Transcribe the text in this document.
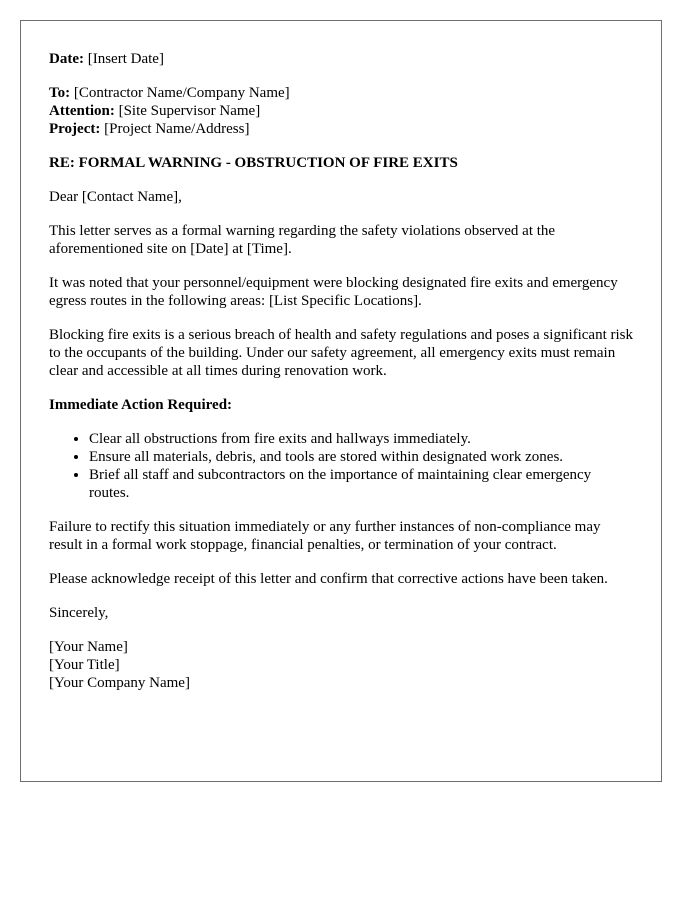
Date: [Insert Date]

To: [Contractor Name/Company Name]

Attention: [Site Supervisor Name]

Project: [Project Name/Address]

RE: FORMAL WARNING - OBSTRUCTION OF FIRE EXITS

Dear [Contact Name],

This letter serves as a formal warning regarding the safety violations observed at the aforementioned site on [Date] at [Time].

It was noted that your personnel/equipment were blocking designated fire exits and emergency egress routes in the following areas: [List Specific Locations].

Blocking fire exits is a serious breach of health and safety regulations and poses a significant risk to the occupants of the building. Under our safety agreement, all emergency exits must remain clear and accessible at all times during renovation work.

Immediate Action Required:

• Clear all obstructions from fire exits and hallways immediately.
• Ensure all materials, debris, and tools are stored within designated work zones.
• Brief all staff and subcontractors on the importance of maintaining clear emergency routes.

Failure to rectify this situation immediately or any further instances of non-compliance may result in a formal work stoppage, financial penalties, or termination of your contract.

Please acknowledge receipt of this letter and confirm that corrective actions have been taken.

Sincerely,

[Your Name]

[Your Title]

[Your Company Name]
